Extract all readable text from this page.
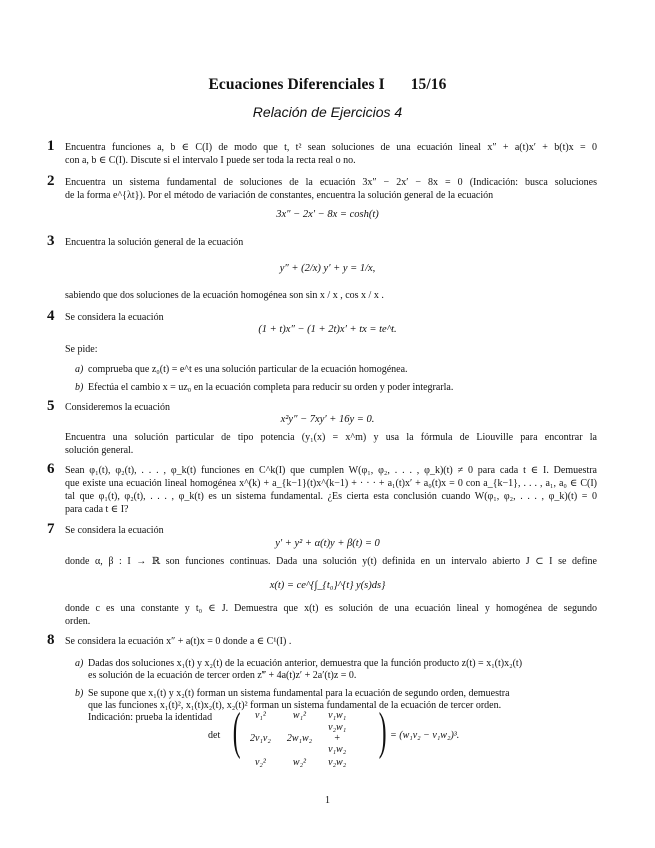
Ecuaciones Diferenciales I 15/16
Relación de Ejercicios 4
1 Encuentra funciones a, b ∈ C(I) de modo que t, t² sean soluciones de una ecuación lineal x″ + a(t)x′ + b(t)x = 0
con a, b ∈ C(I). Discute si el intervalo I puede ser toda la recta real o no.
2 Encuentra un sistema fundamental de soluciones de la ecuación 3x″ − 2x′ − 8x = 0 (Indicación: busca soluciones
de la forma e^{λt}). Por el método de variación de constantes, encuentra la solución general de la ecuación
3x″ − 2x′ − 8x = cosh(t)
3 Encuentra la solución general de la ecuación
y″ + (2/x) y′ + y = 1/x,
sabiendo que dos soluciones de la ecuación homogénea son sin x / x , cos x / x .
4 Se considera la ecuación
(1 + t)x″ − (1 + 2t)x′ + tx = te^t.
Se pide:
a) comprueba que z₀(t) = e^t es una solución particular de la ecuación homogénea.
b) Efectúa el cambio x = uz₀ en la ecuación completa para reducir su orden y poder integrarla.
5 Consideremos la ecuación
x²y″ − 7xy′ + 16y = 0.
Encuentra una solución particular de tipo potencia (y₁(x) = x^m) y usa la fórmula de Liouville para encontrar la
solución general.
6 Sean φ₁(t), φ₂(t), . . . , φ_k(t) funciones en C^k(I) que cumplen W(φ₁, φ₂, . . . , φ_k)(t) ≠ 0 para cada t ∈ I. Demuestra
que existe una ecuación lineal homogénea x^(k) + a_{k−1}(t)x^(k−1) + · · · + a₁(t)x′ + a₀(t)x = 0 con a_{k−1}, . . . , a₁, a₀ ∈ C(I)
tal que φ₁(t), φ₂(t), . . . , φ_k(t) es un sistema fundamental. ¿Es cierta esta conclusión cuando W(φ₁, φ₂, . . . , φ_k)(t) = 0
para cada t ∈ I?
7 Se considera la ecuación
y′ + y² + α(t)y + β(t) = 0
donde α, β : I → ℝ son funciones continuas. Dada una solución y(t) definida en un intervalo abierto J ⊂ I se define
x(t) = ce^{∫_{t₀}^{t} y(s)ds}
donde c es una constante y t₀ ∈ J. Demuestra que x(t) es solución de una ecuación lineal y homogénea de segundo
orden.
8 Se considera la ecuación x″ + a(t)x = 0 donde a ∈ C¹(I) .
a) Dadas dos soluciones x₁(t) y x₂(t) de la ecuación anterior, demuestra que la función producto z(t) = x₁(t)x₂(t)
es solución de la ecuación de tercer orden z‴ + 4a(t)z′ + 2a′(t)z = 0.
b) Se supone que x₁(t) y x₂(t) forman un sistema fundamental para la ecuación de segundo orden, demuestra
que las funciones x₁(t)², x₁(t)x₂(t), x₂(t)² forman un sistema fundamental de la ecuación de tercer orden.
Indicación: prueba la identidad
det ( v₁²	w₁²	v₁w₁
2v₁v₂	2w₁w₂	v₂w₁ + v₁w₂
v₂²	w₂²	v₂w₂
) = (w₁v₂ − v₁w₂)³.
1
